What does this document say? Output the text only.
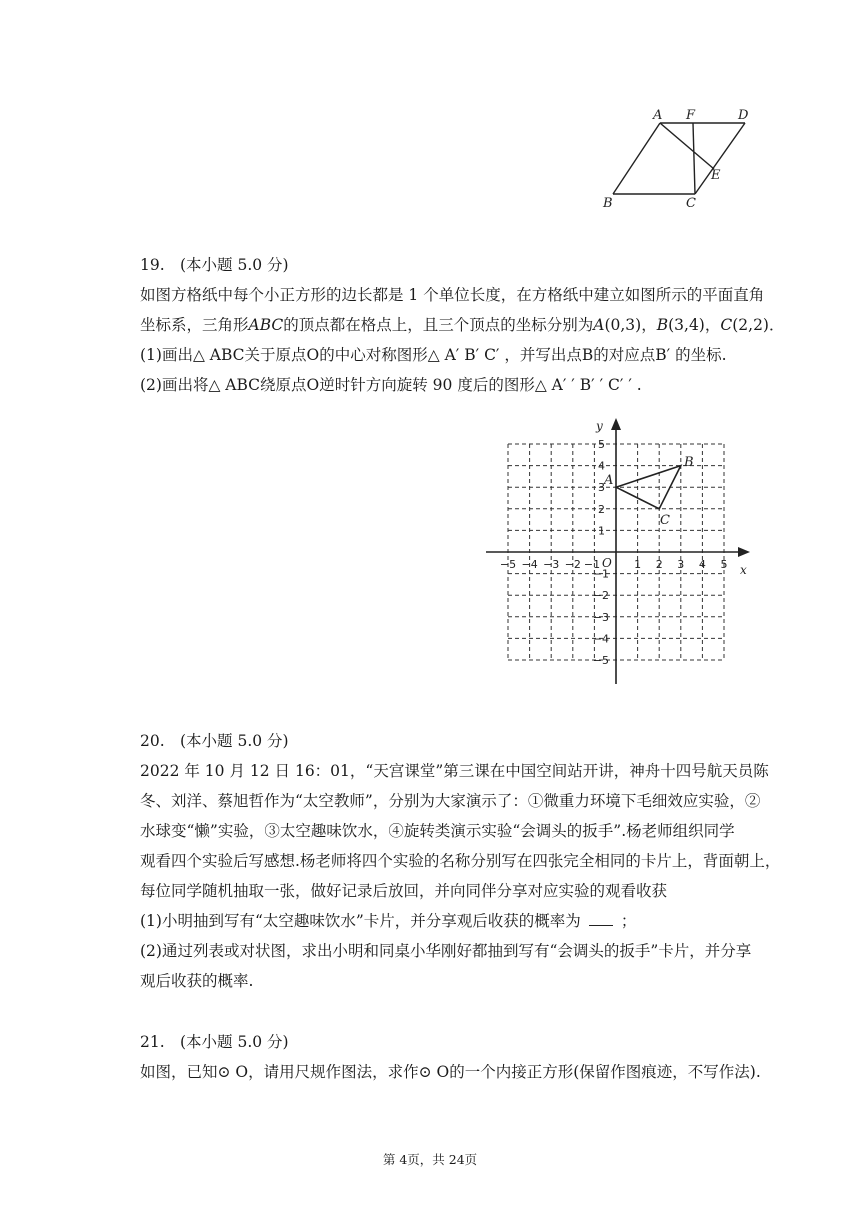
A F	D
E
B	C
19. (本小题 5.0 分)
如图方格纸中每个小正方形的边长都是 1 个单位长度，在方格纸中建立如图所示的平面直角
坐标系，三角形ABC的顶点都在格点上，且三个顶点的坐标分别为A(0,3)，B(3,4)，C(2,2)．
(1)画出△ ABC关于原点O的中心对称图形△ A′ B′ C′ ，并写出点B的对应点B′ 的坐标.
(2)画出将△ ABC绕原点O逆时针方向旋转 90 度后的图形△ A′ ′ B′ ′ C′ ′ .
x
y
O
−5 −4 −3 −2 −1	1 2 3 4 5
5
4
3
2
1
−1
−2
−3
−4
−5
A
B
C
20. (本小题 5.0 分)
2022 年 10 月 12 日 16：01，“天宫课堂”第三课在中国空间站开讲，神舟十四号航天员陈
冬、刘洋、蔡旭哲作为“太空教师”，分别为大家演示了：①微重力环境下毛细效应实验，②
水球变“懒”实验，③太空趣味饮水，④旋转类演示实验“会调头的扳手”.杨老师组织同学
观看四个实验后写感想.杨老师将四个实验的名称分别写在四张完全相同的卡片上，背面朝上，
每位同学随机抽取一张，做好记录后放回，并向同伴分享对应实验的观看收获
(1)小明抽到写有“太空趣味饮水”卡片，并分享观后收获的概率为	；
(2)通过列表或对状图，求出小明和同桌小华刚好都抽到写有“会调头的扳手”卡片，并分享
观后收获的概率.
21. (本小题 5.0 分)
如图，已知⊙ O，请用尺规作图法，求作⊙ O的一个内接正方形(保留作图痕迹，不写作法).
第 4页，共 24页
